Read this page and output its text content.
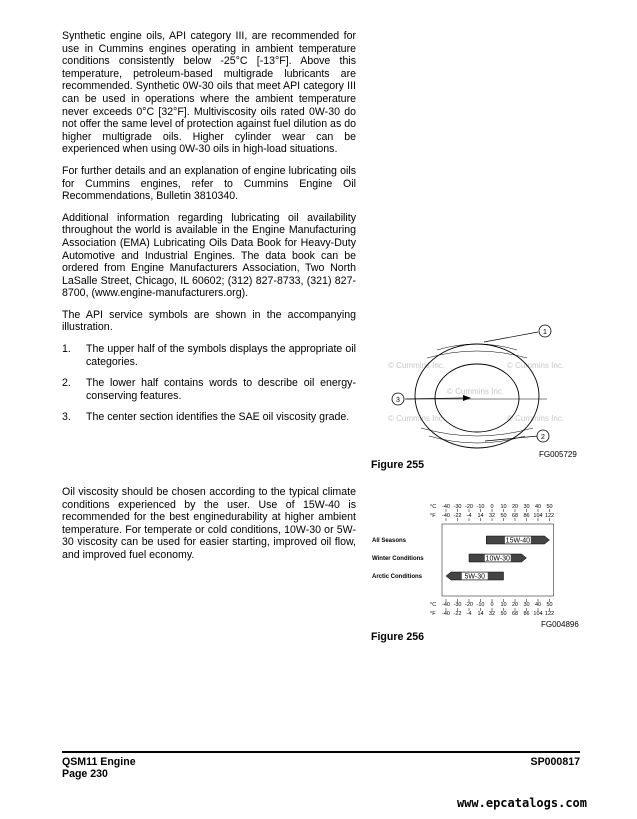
Synthetic engine oils, API category III, are recommended for use in Cummins engines operating in ambient temperature conditions consistently below -25°C [-13°F]. Above this temperature, petroleum-based multigrade lubricants are recommended. Synthetic 0W-30 oils that meet API category III can be used in operations where the ambient temperature never exceeds 0°C [32°F]. Multiviscosity oils rated 0W-30 do not offer the same level of protection against fuel dilution as do higher multigrade oils. Higher cylinder wear can be experienced when using 0W-30 oils in high-load situations.

For further details and an explanation of engine lubricating oils for Cummins engines, refer to Cummins Engine Oil Recommendations, Bulletin 3810340.

Additional information regarding lubricating oil availability throughout the world is available in the Engine Manufacturing Association (EMA) Lubricating Oils Data Book for Heavy-Duty Automotive and Industrial Engines. The data book can be ordered from Engine Manufacturers Association, Two North LaSalle Street, Chicago, IL 60602; (312) 827-8733, (321) 827-8700, (www.engine-manufacturers.org).

The API service symbols are shown in the accompanying illustration.

1. The upper half of the symbols displays the appropriate oil categories.
2. The lower half contains words to describe oil energy-conserving features.
3. The center section identifies the SAE oil viscosity grade.

Oil viscosity should be chosen according to the typical climate conditions experienced by the user. Use of 15W-40 is recommended for the best enginedurability at higher ambient temperature. For temperate or cold conditions, 10W-30 or 5W-30 viscosity can be used for easier starting, improved oil flow, and improved fuel economy.

© Cummins Inc.	© Cummins Inc.
© Cummins Inc.
© Cummins Inc.	© Cummins Inc.
1
2
3
FG005729
Figure 255
°C
°F
-40 -30 -20 -10 0 10 20 30 40 50
-40 -22 -4 14 32 50 68 86 104 122
All Seasons	15W-40
Winter Conditions	10W-30
Arctic Conditions	5W-30
°C
°F
-40 -30 -20 -10 0 10 20 30 40 50
-40 -22 -4 14 32 50 68 86 104 122
FG004896
Figure 256
QSM11 Engine
Page 230
SP000817
www.epcatalogs.com
